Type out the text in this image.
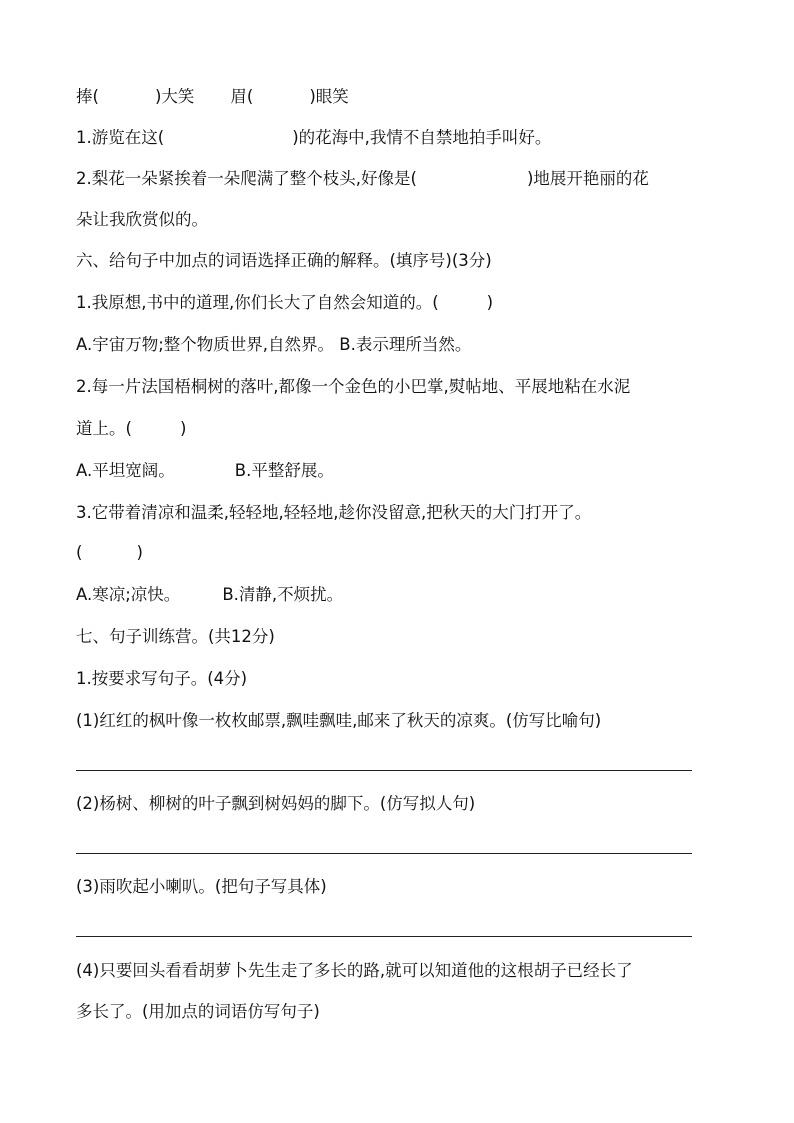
捧(	)大笑 眉(	)眼笑
1.游览在这(	)的花海中,我情不自禁地拍手叫好。
2.梨花一朵紧挨着一朵爬满了整个枝头,好像是(	)地展开艳丽的花
朵让我欣赏似的。
六、给句子中加点的词语选择正确的解释。(填序号)(3分)
1.我原想,书中的道理,你们长大了自然会知道的。(	)
A.宇宙万物;整个物质世界,自然界。 B.表示理所当然。
2.每一片法国梧桐树的落叶,都像一个金色的小巴掌,熨帖地、平展地粘在水泥
道上。(	)
A.平坦宽阔。	B.平整舒展。
3.它带着清凉和温柔,轻轻地,轻轻地,趁你没留意,把秋天的大门打开了。
(	)
A.寒凉;凉快。	B.清静,不烦扰。
七、句子训练营。(共12分)
1.按要求写句子。(4分)
(1)红红的枫叶像一枚枚邮票,飘哇飘哇,邮来了秋天的凉爽。(仿写比喻句)
(2)杨树、柳树的叶子飘到树妈妈的脚下。(仿写拟人句)
(3)雨吹起小喇叭。(把句子写具体)
(4)只要回头看看胡萝卜先生走了多长的路,就可以知道他的这根胡子已经长了
多长了。(用加点的词语仿写句子)
